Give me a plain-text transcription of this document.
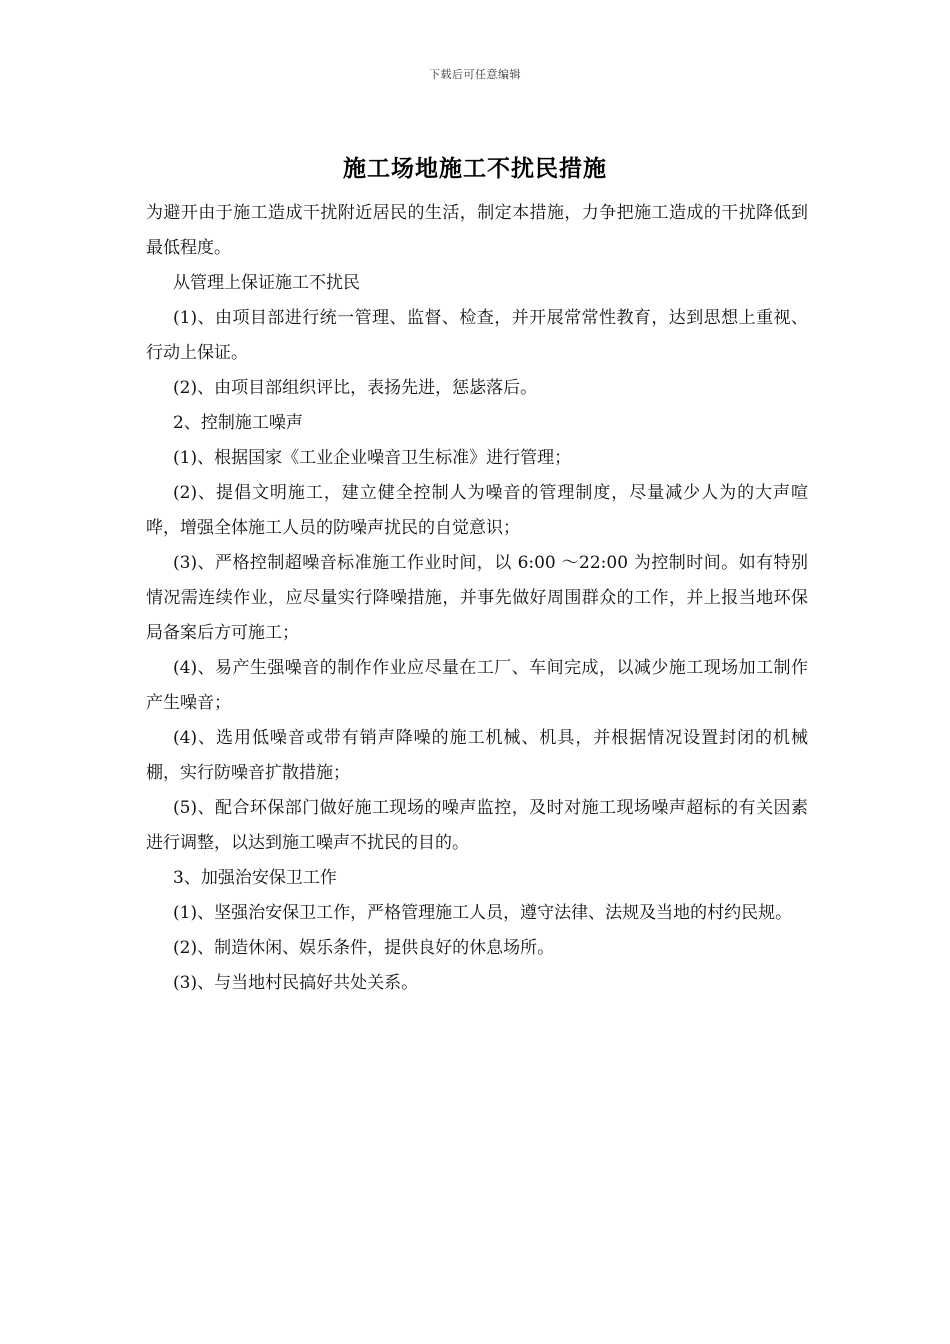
下载后可任意编辑
施工场地施工不扰民措施

为避开由于施工造成干扰附近居民的生活，制定本措施，力争把施工造成的干扰降低到最低程度。

从管理上保证施工不扰民

(1)、由项目部进行统一管理、监督、检查，并开展常常性教育，达到思想上重视、行动上保证。

(2)、由项目部组织评比，表扬先进，惩毖落后。

2、控制施工噪声

(1)、根据国家《工业企业噪音卫生标准》进行管理；

(2)、提倡文明施工，建立健全控制人为噪音的管理制度，尽量减少人为的大声喧哗，增强全体施工人员的防噪声扰民的自觉意识；

(3)、严格控制超噪音标准施工作业时间，以 6:00 ～22:00 为控制时间。如有特别情况需连续作业，应尽量实行降噪措施，并事先做好周围群众的工作，并上报当地环保局备案后方可施工；

(4)、易产生强噪音的制作作业应尽量在工厂、车间完成，以减少施工现场加工制作产生噪音；

(4)、选用低噪音或带有销声降噪的施工机械、机具，并根据情况设置封闭的机械棚，实行防噪音扩散措施；

(5)、配合环保部门做好施工现场的噪声监控，及时对施工现场噪声超标的有关因素进行调整，以达到施工噪声不扰民的目的。

3、加强治安保卫工作

(1)、坚强治安保卫工作，严格管理施工人员，遵守法律、法规及当地的村约民规。

(2)、制造休闲、娱乐条件，提供良好的休息场所。

(3)、与当地村民搞好共处关系。
